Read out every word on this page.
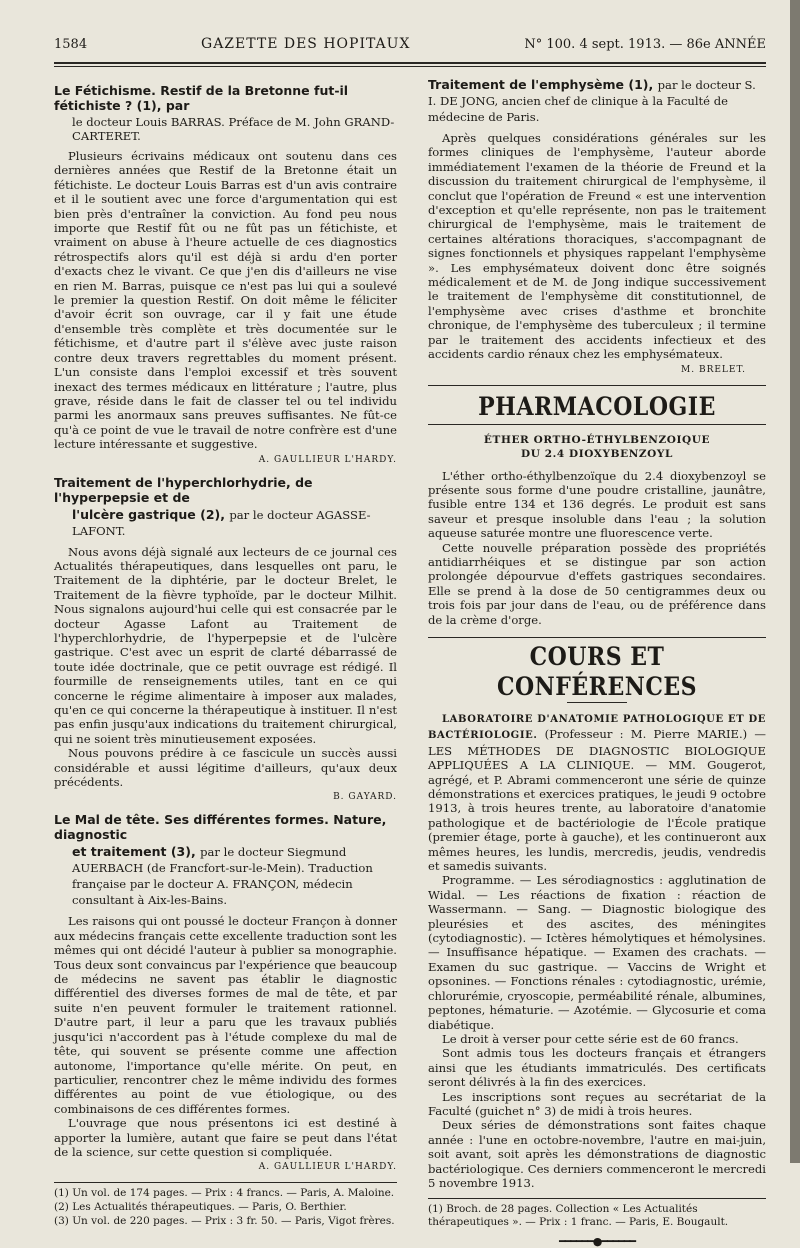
1584	GAZETTE DES HOPITAUX	N° 100. 4 sept. 1913. — 86e ANNÉE
Le Fétichisme. Restif de la Bretonne fut-il fétichiste ? (1), par
le docteur Louis BARRAS. Préface de M. John GRAND-CARTERET.

Plusieurs écrivains médicaux ont soutenu dans ces dernières années que Restif de la Bretonne était un fétichiste. Le docteur Louis Barras est d'un avis contraire et il le soutient avec une force d'argumentation qui est bien près d'entraîner la conviction. Au fond peu nous importe que Restif fût ou ne fût pas un fétichiste, et vraiment on abuse à l'heure actuelle de ces diagnostics rétrospectifs alors qu'il est déjà si ardu d'en porter d'exacts chez le vivant. Ce que j'en dis d'ailleurs ne vise en rien M. Barras, puisque ce n'est pas lui qui a soulevé le premier la question Restif. On doit même le féliciter d'avoir écrit son ouvrage, car il y fait une étude d'ensemble très complète et très documentée sur le fétichisme, et d'autre part il s'élève avec juste raison contre deux travers regrettables du moment présent. L'un consiste dans l'emploi excessif et très souvent inexact des termes médicaux en littérature ; l'autre, plus grave, réside dans le fait de classer tel ou tel individu parmi les anormaux sans preuves suffisantes. Ne fût-ce qu'à ce point de vue le travail de notre confrère est d'une lecture intéressante et suggestive.

A. GAULLIEUR L'HARDY.
Traitement de l'hyperchlorhydrie, de l'hyperpepsie et de
l'ulcère gastrique (2), par le docteur AGASSE-LAFONT.

Nous avons déjà signalé aux lecteurs de ce journal ces Actualités thérapeutiques, dans lesquelles ont paru, le Traitement de la diphtérie, par le docteur Brelet, le Traitement de la fièvre typhoïde, par le docteur Milhit. Nous signalons aujourd'hui celle qui est consacrée par le docteur Agasse Lafont au Traitement de l'hyperchlorhydrie, de l'hyperpepsie et de l'ulcère gastrique. C'est avec un esprit de clarté débarrassé de toute idée doctrinale, que ce petit ouvrage est rédigé. Il fourmille de renseignements utiles, tant en ce qui concerne le régime alimentaire à imposer aux malades, qu'en ce qui concerne la thérapeutique à instituer. Il n'est pas enfin jusqu'aux indications du traitement chirurgical, qui ne soient très minutieusement exposées.

Nous pouvons prédire à ce fascicule un succès aussi considérable et aussi légitime d'ailleurs, qu'aux deux précédents.

B. GAYARD.
Le Mal de tête. Ses différentes formes. Nature, diagnostic
et traitement (3), par le docteur Siegmund AUERBACH (de Francfort-sur-le-Mein). Traduction française par le docteur A. FRANÇON, médecin consultant à Aix-les-Bains.

Les raisons qui ont poussé le docteur Françon à donner aux médecins français cette excellente traduction sont les mêmes qui ont décidé l'auteur à publier sa monographie. Tous deux sont convaincus par l'expérience que beaucoup de médecins ne savent pas établir le diagnostic différentiel des diverses formes de mal de tête, et par suite n'en peuvent formuler le traitement rationnel. D'autre part, il leur a paru que les travaux publiés jusqu'ici n'accordent pas à l'étude complexe du mal de tête, qui souvent se présente comme une affection autonome, l'importance qu'elle mérite. On peut, en particulier, rencontrer chez le même individu des formes différentes au point de vue étiologique, ou des combinaisons de ces différentes formes.

L'ouvrage que nous présentons ici est destiné à apporter la lumière, autant que faire se peut dans l'état de la science, sur cette question si compliquée.

A. GAULLIEUR L'HARDY.
(1) Un vol. de 174 pages. — Prix : 4 francs. — Paris, A. Maloine.
(2) Les Actualités thérapeutiques. — Paris, O. Berthier.
(3) Un vol. de 220 pages. — Prix : 3 fr. 50. — Paris, Vigot frères.
Traitement de l'emphysème (1), par le docteur S. I. DE JONG, ancien chef de clinique à la Faculté de médecine de Paris.

Après quelques considérations générales sur les formes cliniques de l'emphysème, l'auteur aborde immédiatement l'examen de la théorie de Freund et la discussion du traitement chirurgical de l'emphysème, il conclut que l'opération de Freund « est une intervention d'exception et qu'elle représente, non pas le traitement chirurgical de l'emphysème, mais le traitement de certaines altérations thoraciques, s'accompagnant de signes fonctionnels et physiques rappelant l'emphysème ». Les emphysémateux doivent donc être soignés médicalement et de M. de Jong indique successivement le traitement de l'emphysème dit constitutionnel, de l'emphysème avec crises d'asthme et bronchite chronique, de l'emphysème des tuberculeux ; il termine par le traitement des accidents infectieux et des accidents cardio rénaux chez les emphysémateux.

M. BRELET.
PHARMACOLOGIE
ÉTHER ORTHO-ÉTHYLBENZOIQUE
DU 2.4 DIOXYBENZOYL

L'éther ortho-éthylbenzoïque du 2.4 dioxybenzoyl se présente sous forme d'une poudre cristalline, jaunâtre, fusible entre 134 et 136 degrés. Le produit est sans saveur et presque insoluble dans l'eau ; la solution aqueuse saturée montre une fluorescence verte.

Cette nouvelle préparation possède des propriétés antidiarrhéiques et se distingue par son action prolongée dépourvue d'effets gastriques secondaires. Elle se prend à la dose de 50 centigrammes deux ou trois fois par jour dans de l'eau, ou de préférence dans de la crème d'orge.

COURS ET CONFÉRENCES

LABORATOIRE D'ANATOMIE PATHOLOGIQUE ET DE BACTÉRIOLOGIE. (Professeur : M. Pierre MARIE.) — LES MÉTHODES DE DIAGNOSTIC BIOLOGIQUE APPLIQUÉES A LA CLINIQUE. — MM. Gougerot, agrégé, et P. Abrami commenceront une série de quinze démonstrations et exercices pratiques, le jeudi 9 octobre 1913, à trois heures trente, au laboratoire d'anatomie pathologique et de bactériologie de l'École pratique (premier étage, porte à gauche), et les continueront aux mêmes heures, les lundis, mercredis, jeudis, vendredis et samedis suivants.

Programme. — Les sérodiagnostics : agglutination de Widal. — Les réactions de fixation : réaction de Wassermann. — Sang. — Diagnostic biologique des pleurésies et des ascites, des méningites (cytodiagnostic). — Ictères hémolytiques et hémolysines. — Insuffisance hépatique. — Examen des crachats. — Examen du suc gastrique. — Vaccins de Wright et opsonines. — Fonctions rénales : cytodiagnostic, urémie, chlorurémie, cryoscopie, perméabilité rénale, albumines, peptones, hématurie. — Azotémie. — Glycosurie et coma diabétique.

Le droit à verser pour cette série est de 60 francs.

Sont admis tous les docteurs français et étrangers ainsi que les étudiants immatriculés. Des certificats seront délivrés à la fin des exercices.

Les inscriptions sont reçues au secrétariat de la Faculté (guichet n° 3) de midi à trois heures.

Deux séries de démonstrations sont faites chaque année : l'une en octobre-novembre, l'autre en mai-juin, soit avant, soit après les démonstrations de diagnostic bactériologique. Ces derniers commenceront le mercredi 5 novembre 1913.

(1) Broch. de 28 pages. Collection « Les Actualités thérapeutiques ». — Prix : 1 franc. — Paris, E. Bougault.
━━━━━━●━━━━━━
